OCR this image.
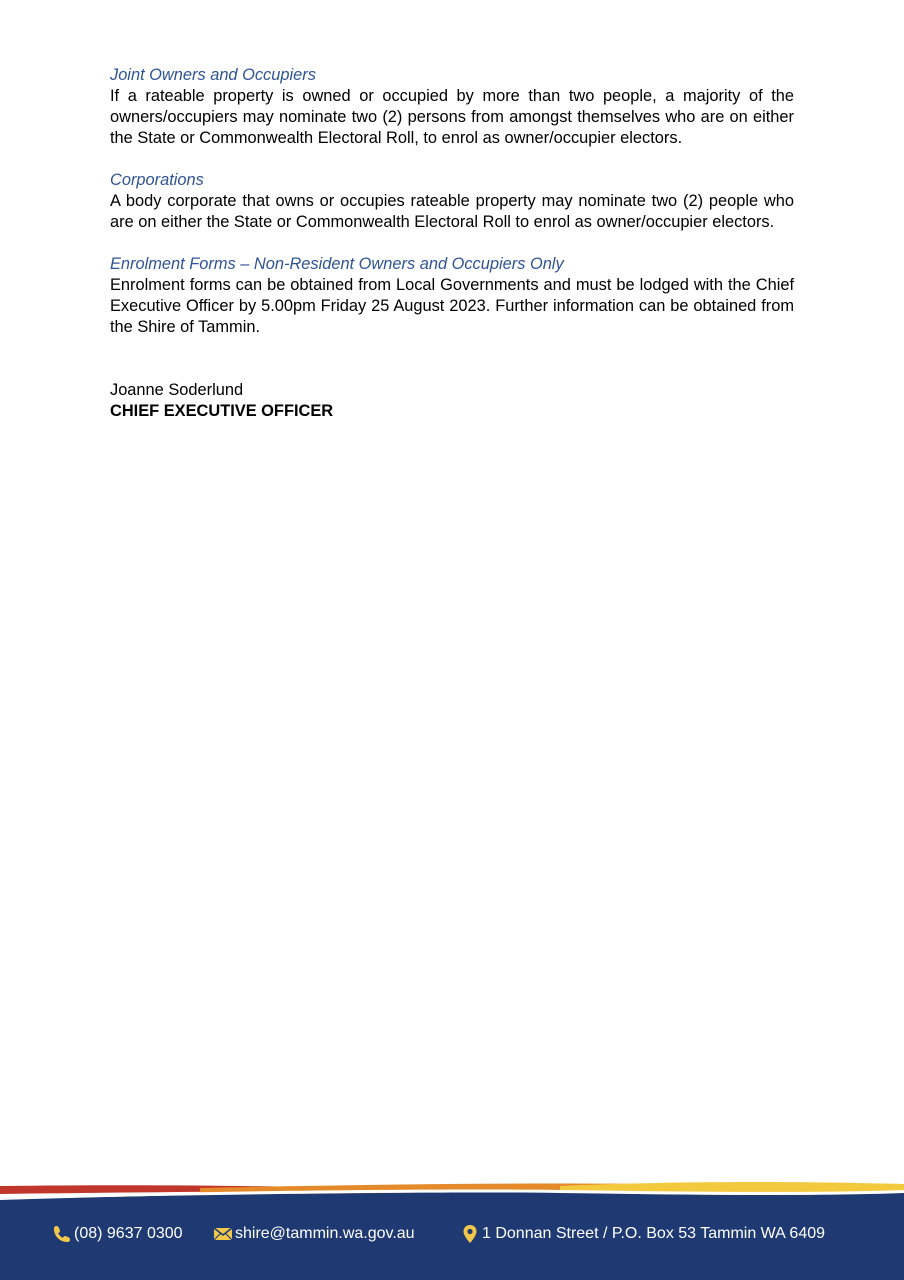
Joint Owners and Occupiers

If a rateable property is owned or occupied by more than two people, a majority of the owners/occupiers may nominate two (2) persons from amongst themselves who are on either the State or Commonwealth Electoral Roll, to enrol as owner/occupier electors.

Corporations

A body corporate that owns or occupies rateable property may nominate two (2) people who are on either the State or Commonwealth Electoral Roll to enrol as owner/occupier electors.

Enrolment Forms – Non-Resident Owners and Occupiers Only

Enrolment forms can be obtained from Local Governments and must be lodged with the Chief Executive Officer by 5.00pm Friday 25 August 2023. Further information can be obtained from the Shire of Tammin.

Joanne Soderlund

CHIEF EXECUTIVE OFFICER

(08) 9637 0300	shire@tammin.wa.gov.au	1 Donnan Street / P.O. Box 53 Tammin WA 6409
